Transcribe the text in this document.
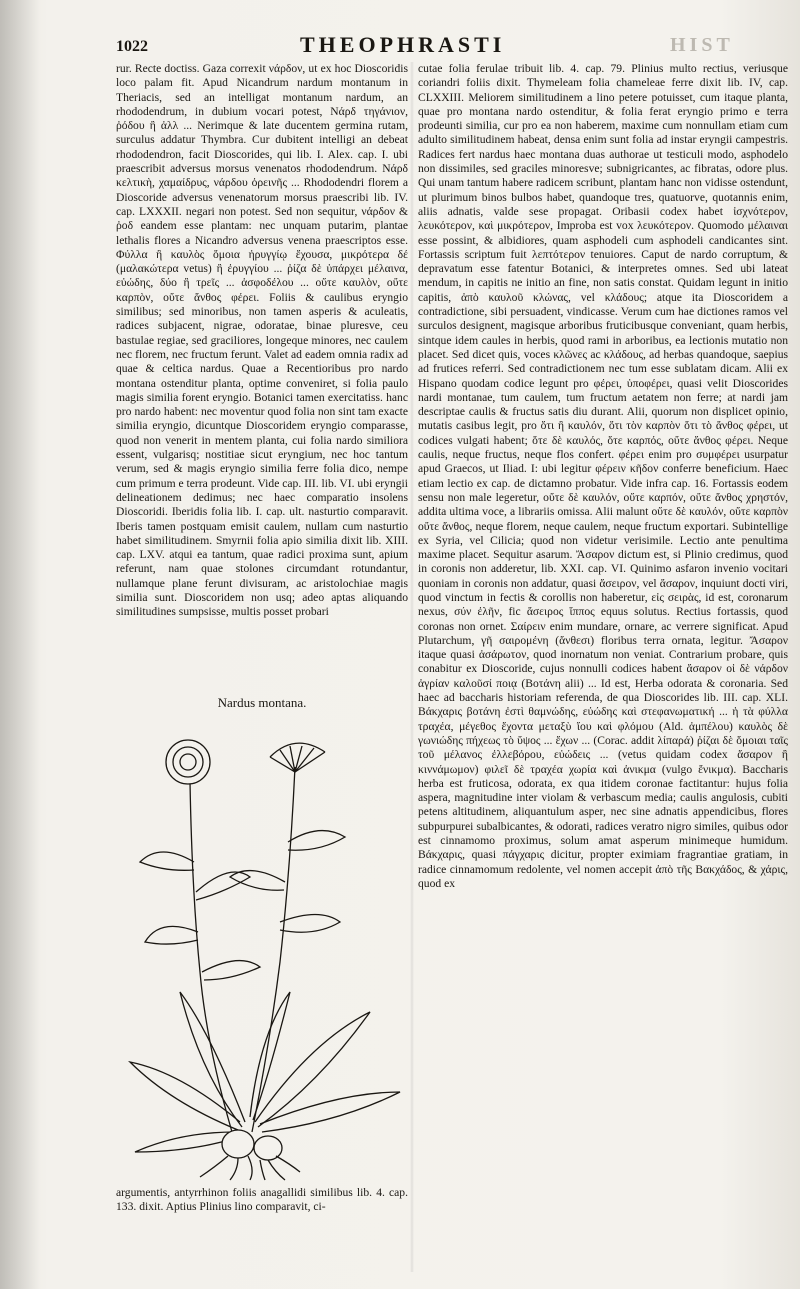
1022	THEOPHRASTI	HIST

rur. Recte doctiss. Gaza correxit νάρδον, ut ex hoc Dioscoridis loco palam fit. Apud Nicandrum nardum montanum in Theriacis, sed an intelligat montanum nardum, an rhododendrum, in dubium vocari potest, Νάρδ τηγάνιον, ῥόδου ἢ ἀλλ ... Nerimque & late ducentem germina rutam, surculus addatur Thymbra. Cur dubitent intelligi an debeat rhododendron, facit Dioscorides, qui lib. I. Alex. cap. I. ubi praescribit adversus morsus venenatos rhododendrum. Νάρδ κελτικὴ, χαμαίδρυς, νάρδου ὀρεινῆς ... Rhododendri florem a Dioscoride adversus venenatorum morsus praescribi lib. IV. cap. LXXXII. negari non potest. Sed non sequitur, νάρδον & ῥοδ eandem esse plantam: nec unquam putarim, plantae lethalis flores a Nicandro adversus venena praescriptos esse. Φύλλα ἢ καυλὸς ὅμοια ἠρυγγίῳ ἔχουσα, μικρότερα δέ (μαλακώτερα vetus) ἢ ἐρυγγίου ... ῥίζα δὲ ὑπάρχει μέλαινα, εὐώδης, δύο ἢ τρεῖς ... ἀσφοδέλου ... οὔτε καυλὸν, οὔτε καρπὸν, οὔτε ἄνθος φέρει. Foliis & caulibus eryngio similibus; sed minoribus, non tamen asperis & aculeatis, radices subjacent, nigrae, odoratae, binae pluresve, ceu bastulae regiae, sed graciliores, longeque minores, nec caulem nec florem, nec fructum ferunt. Valet ad eadem omnia radix ad quae & celtica nardus. Quae a Recentioribus pro nardo montana ostenditur planta, optime conveniret, si folia paulo magis similia forent eryngio. Botanici tamen exercitatiss. hanc pro nardo habent: nec moventur quod folia non sint tam exacte similia eryngio, dicuntque Dioscoridem eryngio comparasse, quod non venerit in mentem planta, cui folia nardo similiora essent, vulgarisq; nostitiae sicut eryngium, nec hoc tantum verum, sed & magis eryngio similia ferre folia dico, nempe cum primum e terra prodeunt. Vide cap. III. lib. VI. ubi eryngii delineationem dedimus; nec haec comparatio insolens Dioscoridi. Iberidis folia lib. I. cap. ult. nasturtio comparavit. Iberis tamen postquam emisit caulem, nullam cum nasturtio habet similitudinem. Smyrnii folia apio similia dixit lib. XIII. cap. LXV. atqui ea tantum, quae radici proxima sunt, apium referunt, nam quae stolones circumdant rotundantur, nullamque plane ferunt divisuram, ac aristolochiae magis similia sunt. Dioscoridem non usq; adeo aptas aliquando similitudines sumpsisse, multis posset probari

cutae folia ferulae tribuit lib. 4. cap. 79. Plinius multo rectius, veriusque coriandri foliis dixit. Thymeleam folia chameleae ferre dixit lib. IV, cap. CLXXIII. Meliorem similitudinem a lino petere potuisset, cum itaque planta, quae pro montana nardo ostenditur, & folia ferat eryngio primo e terra prodeunti similia, cur pro ea non haberem, maxime cum nonnullam etiam cum adulto similitudinem habeat, densa enim sunt folia ad instar eryngii campestris. Radices fert nardus haec montana duas authorae ut testiculi modo, asphodelo non dissimiles, sed graciles minoresve; subnigricantes, ac fibratas, odore plus. Qui unam tantum habere radicem scribunt, plantam hanc non vidisse ostendunt, ut plurimum binos bulbos habet, quandoque tres, quatuorve, quotannis enim, aliis adnatis, valde sese propagat. Oribasii codex habet ἰσχνότερον, λευκότερον, καὶ μικρότερον, Improba est vox λευκότερον. Quomodo μέλαιναι esse possint, & albidiores, quam asphodeli cum asphodeli candicantes sint. Fortassis scriptum fuit λεπτότερον tenuiores. Caput de nardo corruptum, & depravatum esse fatentur Botanici, & interpretes omnes. Sed ubi lateat mendum, in capitis ne initio an fine, non satis constat. Quidam legunt in initio capitis, ἀπὸ καυλοῦ κλώνας, vel κλάδους; atque ita Dioscoridem a contradictione, sibi persuadent, vindicasse. Verum cum hae dictiones ramos vel surculos designent, magisque arboribus fruticibusque conveniant, quam herbis, sintque idem caules in herbis, quod rami in arboribus, ea lectionis mutatio non placet. Sed dicet quis, voces κλῶνες ac κλάδους, ad herbas quandoque, saepius ad frutices referri. Sed contradictionem nec tum esse sublatam dicam. Alii ex Hispano quodam codice legunt pro φέρει, ὑποφέρει, quasi velit Dioscorides nardi montanae, tum caulem, tum fructum aetatem non ferre; at nardi jam descriptae caulis & fructus satis diu durant. Alii, quorum non displicet opinio, mutatis casibus legit, pro ὅτι ἢ καυλόν, ὅτι τὸν καρπὸν ὅτι τὸ ἄνθος φέρει, ut codices vulgati habent; ὅτε δὲ καυλός, ὅτε καρπός, οὔτε ἄνθος φέρει. Neque caulis, neque fructus, neque flos confert. φέρει enim pro συμφέρει usurpatur apud Graecos, ut Iliad. I: ubi legitur φέρειν κῆδον conferre beneficium. Haec etiam lectio ex cap. de dictamno probatur. Vide infra cap. 16. Fortassis eodem sensu non male legeretur, οὔτε δὲ καυλόν, οὔτε καρπόν, οὔτε ἄνθος χρηστόν, addita ultima voce, a librariis omissa. Alii malunt οὔτε δὲ καυλόν, οὔτε καρπὸν οὔτε ἄνθος, neque florem, neque caulem, neque fructum exportari. Subintellige ex Syria, vel Cilicia; quod non videtur verisimile. Lectio ante penultima maxime placet. Sequitur asarum. Ἄσαρον dictum est, si Plinio credimus, quod in coronis non adderetur, lib. XXI. cap. VI. Quinimo asfaron invenio vocitari quoniam in coronis non addatur, quasi ἄσειρον, vel ἄσαρον, inquiunt docti viri, quod vinctum in fectis & corollis non haberetur, εἰς σειρὰς, id est, coronarum nexus, σύν ἐλῆν, fic ἄσειρος ἵππος equus solutus. Rectius fortassis, quod coronas non ornet. Σαίρειν enim mundare, ornare, ac verrere significat. Apud Plutarchum, γῆ σαιρομένη (ἄνθεσι) floribus terra ornata, legitur. Ἄσαρον itaque quasi ἀσάρωτον, quod inornatum non veniat. Contrarium probare, quis conabitur ex Dioscoride, cujus nonnulli codices habent ἄσαρον οἱ δὲ νάρδον ἀγρίαν καλοῦσί ποιᾳ (Βοτάνη alii) ... Id est, Herba odorata & coronaria. Sed haec ad baccharis historiam referenda, de qua Dioscorides lib. III. cap. XLI. Βάκχαρις βοτάνη ἐστὶ θαμνώδης, εὐώδης καὶ στεφανωματική ... ἡ τὰ φύλλα τραχέα, μέγεθος ἔχοντα μεταξὺ ἴου καὶ φλόμου (Ald. ἀμπέλου) καυλὸς δὲ γωνιώδης πήχεως τὸ ὕψος ... ἔχων ... (Corac. addit λίπαρά) ῥίζαι δὲ ὅμοιαι ταῖς τοῦ μέλανος ἐλλεβόρου, εὐώδεις ... (vetus quidam codex ἄσαρον ἢ κιννάμωμον) φιλεῖ δὲ τραχέα χωρία καὶ ἀνικμα (vulgo ἔνικμα). Baccharis herba est fruticosa, odorata, ex qua itidem coronae factitantur: hujus folia aspera, magnitudine inter violam & verbascum media; caulis angulosis, cubiti petens altitudinem, aliquantulum asper, nec sine adnatis appendicibus, flores subpurpurei subalbicantes, & odorati, radices veratro nigro similes, quibus odor est cinnamomo proximus, solum amat asperum minimeque humidum. Βάκχαρις, quasi πάγχαρις dicitur, propter eximiam fragrantiae gratiam, in radice cinnamomum redolente, vel nomen accepit ἀπὸ τῆς Βακχάδος, & χάρις, quod ex

Nardus montana.

argumentis, antyrrhinon foliis anagallidi similibus lib. 4. cap. 133. dixit. Aptius Plinius lino comparavit, ci-
